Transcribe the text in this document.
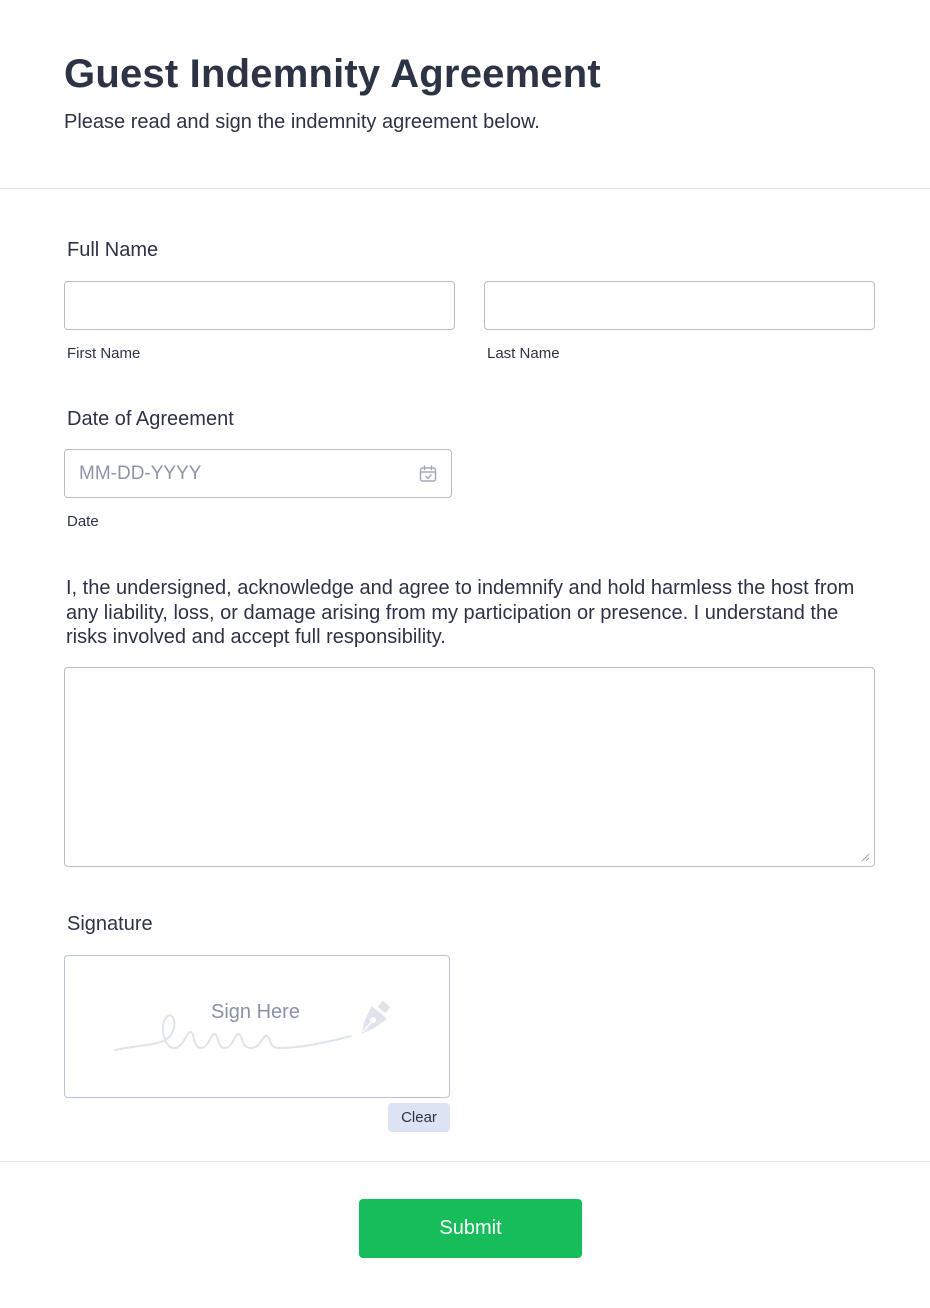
Guest Indemnity Agreement
Please read and sign the indemnity agreement below.
Full Name
First Name	Last Name
Date of Agreement
MM-DD-YYYY
Date
I, the undersigned, acknowledge and agree to indemnify and hold harmless the host from any liability, loss, or damage arising from my participation or presence. I understand the risks involved and accept full responsibility.
Signature
Sign Here
Clear
Submit
